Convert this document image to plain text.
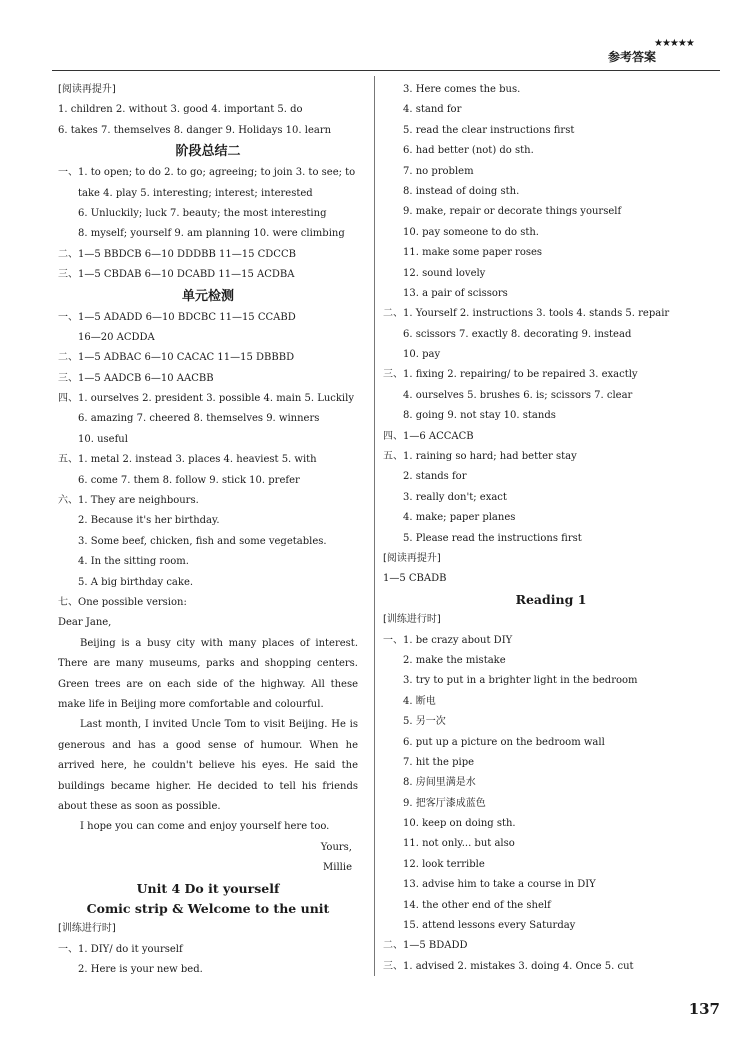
参考答案
★★★★★
[阅读再提升]
1. children 2. without 3. good 4. important 5. do
6. takes 7. themselves 8. danger 9. Holidays 10. learn
阶段总结二
一、1. to open; to do 2. to go; agreeing; to join 3. to see; to
take 4. play 5. interesting; interest; interested
6. Unluckily; luck 7. beauty; the most interesting
8. myself; yourself 9. am planning 10. were climbing
二、1—5 BBDCB 6—10 DDDBB 11—15 CDCCB
三、1—5 CBDAB 6—10 DCABD 11—15 ACDBA
单元检测
一、1—5 ADADD 6—10 BDCBC 11—15 CCABD
16—20 ACDDA
二、1—5 ADBAC 6—10 CACAC 11—15 DBBBD
三、1—5 AADCB 6—10 AACBB
四、1. ourselves 2. president 3. possible 4. main 5. Luckily
6. amazing 7. cheered 8. themselves 9. winners
10. useful
五、1. metal 2. instead 3. places 4. heaviest 5. with
6. come 7. them 8. follow 9. stick 10. prefer
六、1. They are neighbours.
2. Because it's her birthday.
3. Some beef, chicken, fish and some vegetables.
4. In the sitting room.
5. A big birthday cake.
七、One possible version:
Dear Jane,
Beijing is a busy city with many places of interest. There are many museums, parks and shopping centers. Green trees are on each side of the highway. All these make life in Beijing more comfortable and colourful.
Last month, I invited Uncle Tom to visit Beijing. He is generous and has a good sense of humour. When he arrived here, he couldn't believe his eyes. He said the buildings became higher. He decided to tell his friends about these as soon as possible.
I hope you can come and enjoy yourself here too.
Yours,
Millie
Unit 4 Do it yourself
Comic strip & Welcome to the unit
[训练进行时]
一、1. DIY/ do it yourself
2. Here is your new bed.
3. Here comes the bus.
4. stand for
5. read the clear instructions first
6. had better (not) do sth.
7. no problem
8. instead of doing sth.
9. make, repair or decorate things yourself
10. pay someone to do sth.
11. make some paper roses
12. sound lovely
13. a pair of scissors
二、1. Yourself 2. instructions 3. tools 4. stands 5. repair
6. scissors 7. exactly 8. decorating 9. instead
10. pay
三、1. fixing 2. repairing/ to be repaired 3. exactly
4. ourselves 5. brushes 6. is; scissors 7. clear
8. going 9. not stay 10. stands
四、1—6 ACCACB
五、1. raining so hard; had better stay
2. stands for
3. really don't; exact
4. make; paper planes
5. Please read the instructions first
[阅读再提升]
1—5 CBADB
Reading 1
[训练进行时]
一、1. be crazy about DIY
2. make the mistake
3. try to put in a brighter light in the bedroom
4. 断电
5. 另一次
6. put up a picture on the bedroom wall
7. hit the pipe
8. 房间里满是水
9. 把客厅漆成蓝色
10. keep on doing sth.
11. not only... but also
12. look terrible
13. advise him to take a course in DIY
14. the other end of the shelf
15. attend lessons every Saturday
二、1—5 BDADD
三、1. advised 2. mistakes 3. doing 4. Once 5. cut
137
